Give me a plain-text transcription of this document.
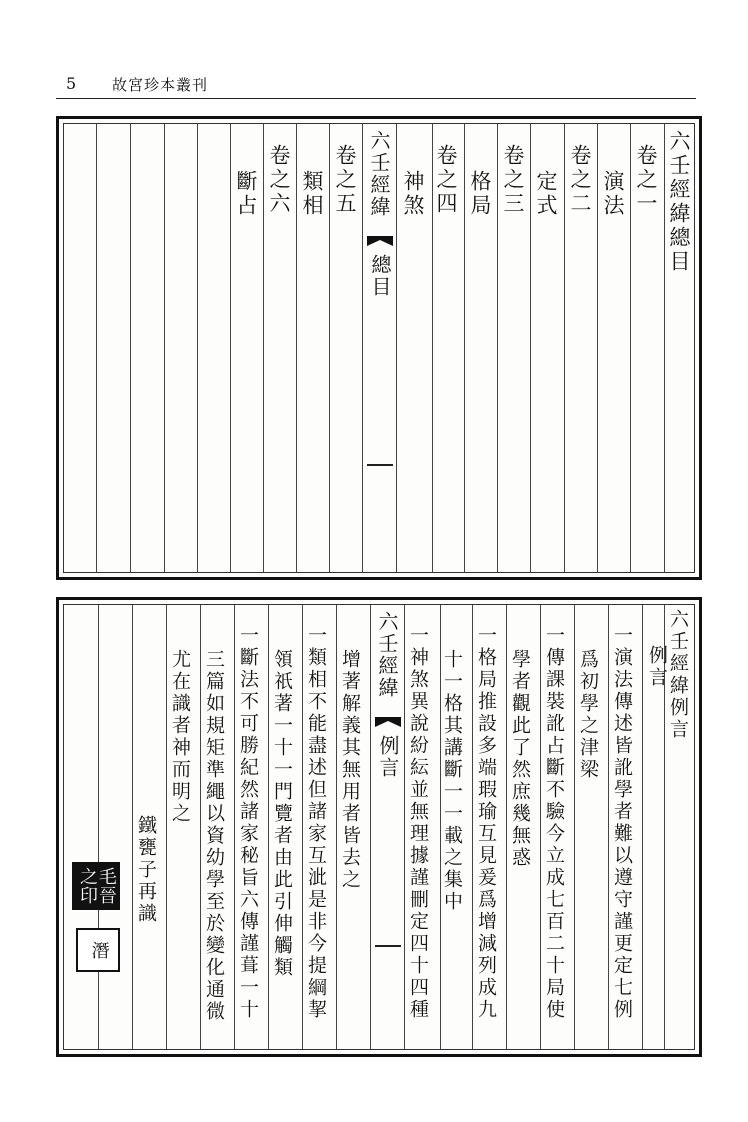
5 故宮珍本叢刊
六壬經緯
總目
六壬經緯總目
卷之一
演法
卷之二
定式
卷之三
格局
卷之四
神煞
卷之五
類相
卷之六
斷占
六壬經緯
例言
六壬經緯例言
例言
一演法傳述皆訛學者難以遵守謹更定七例
爲初學之津梁
一傳課裝訛占斷不驗今立成七百二十局使
學者觀此了然庶幾無惑
一格局推設多端瑕瑜互見爰爲增減列成九
十一格其講斷一一載之集中
一神煞異說紛紜並無理據謹刪定四十四種
增著解義其無用者皆去之
一類相不能盡述但諸家互泚是非今提綱挈
領祇著一十一門覽者由此引伸觸類
一斷法不可勝紀然諸家秘旨六傳謹葺一十
三篇如規矩準繩以資幼學至於變化通微
尤在識者神而明之
鐵甕子再識
毛晉之印
潛
